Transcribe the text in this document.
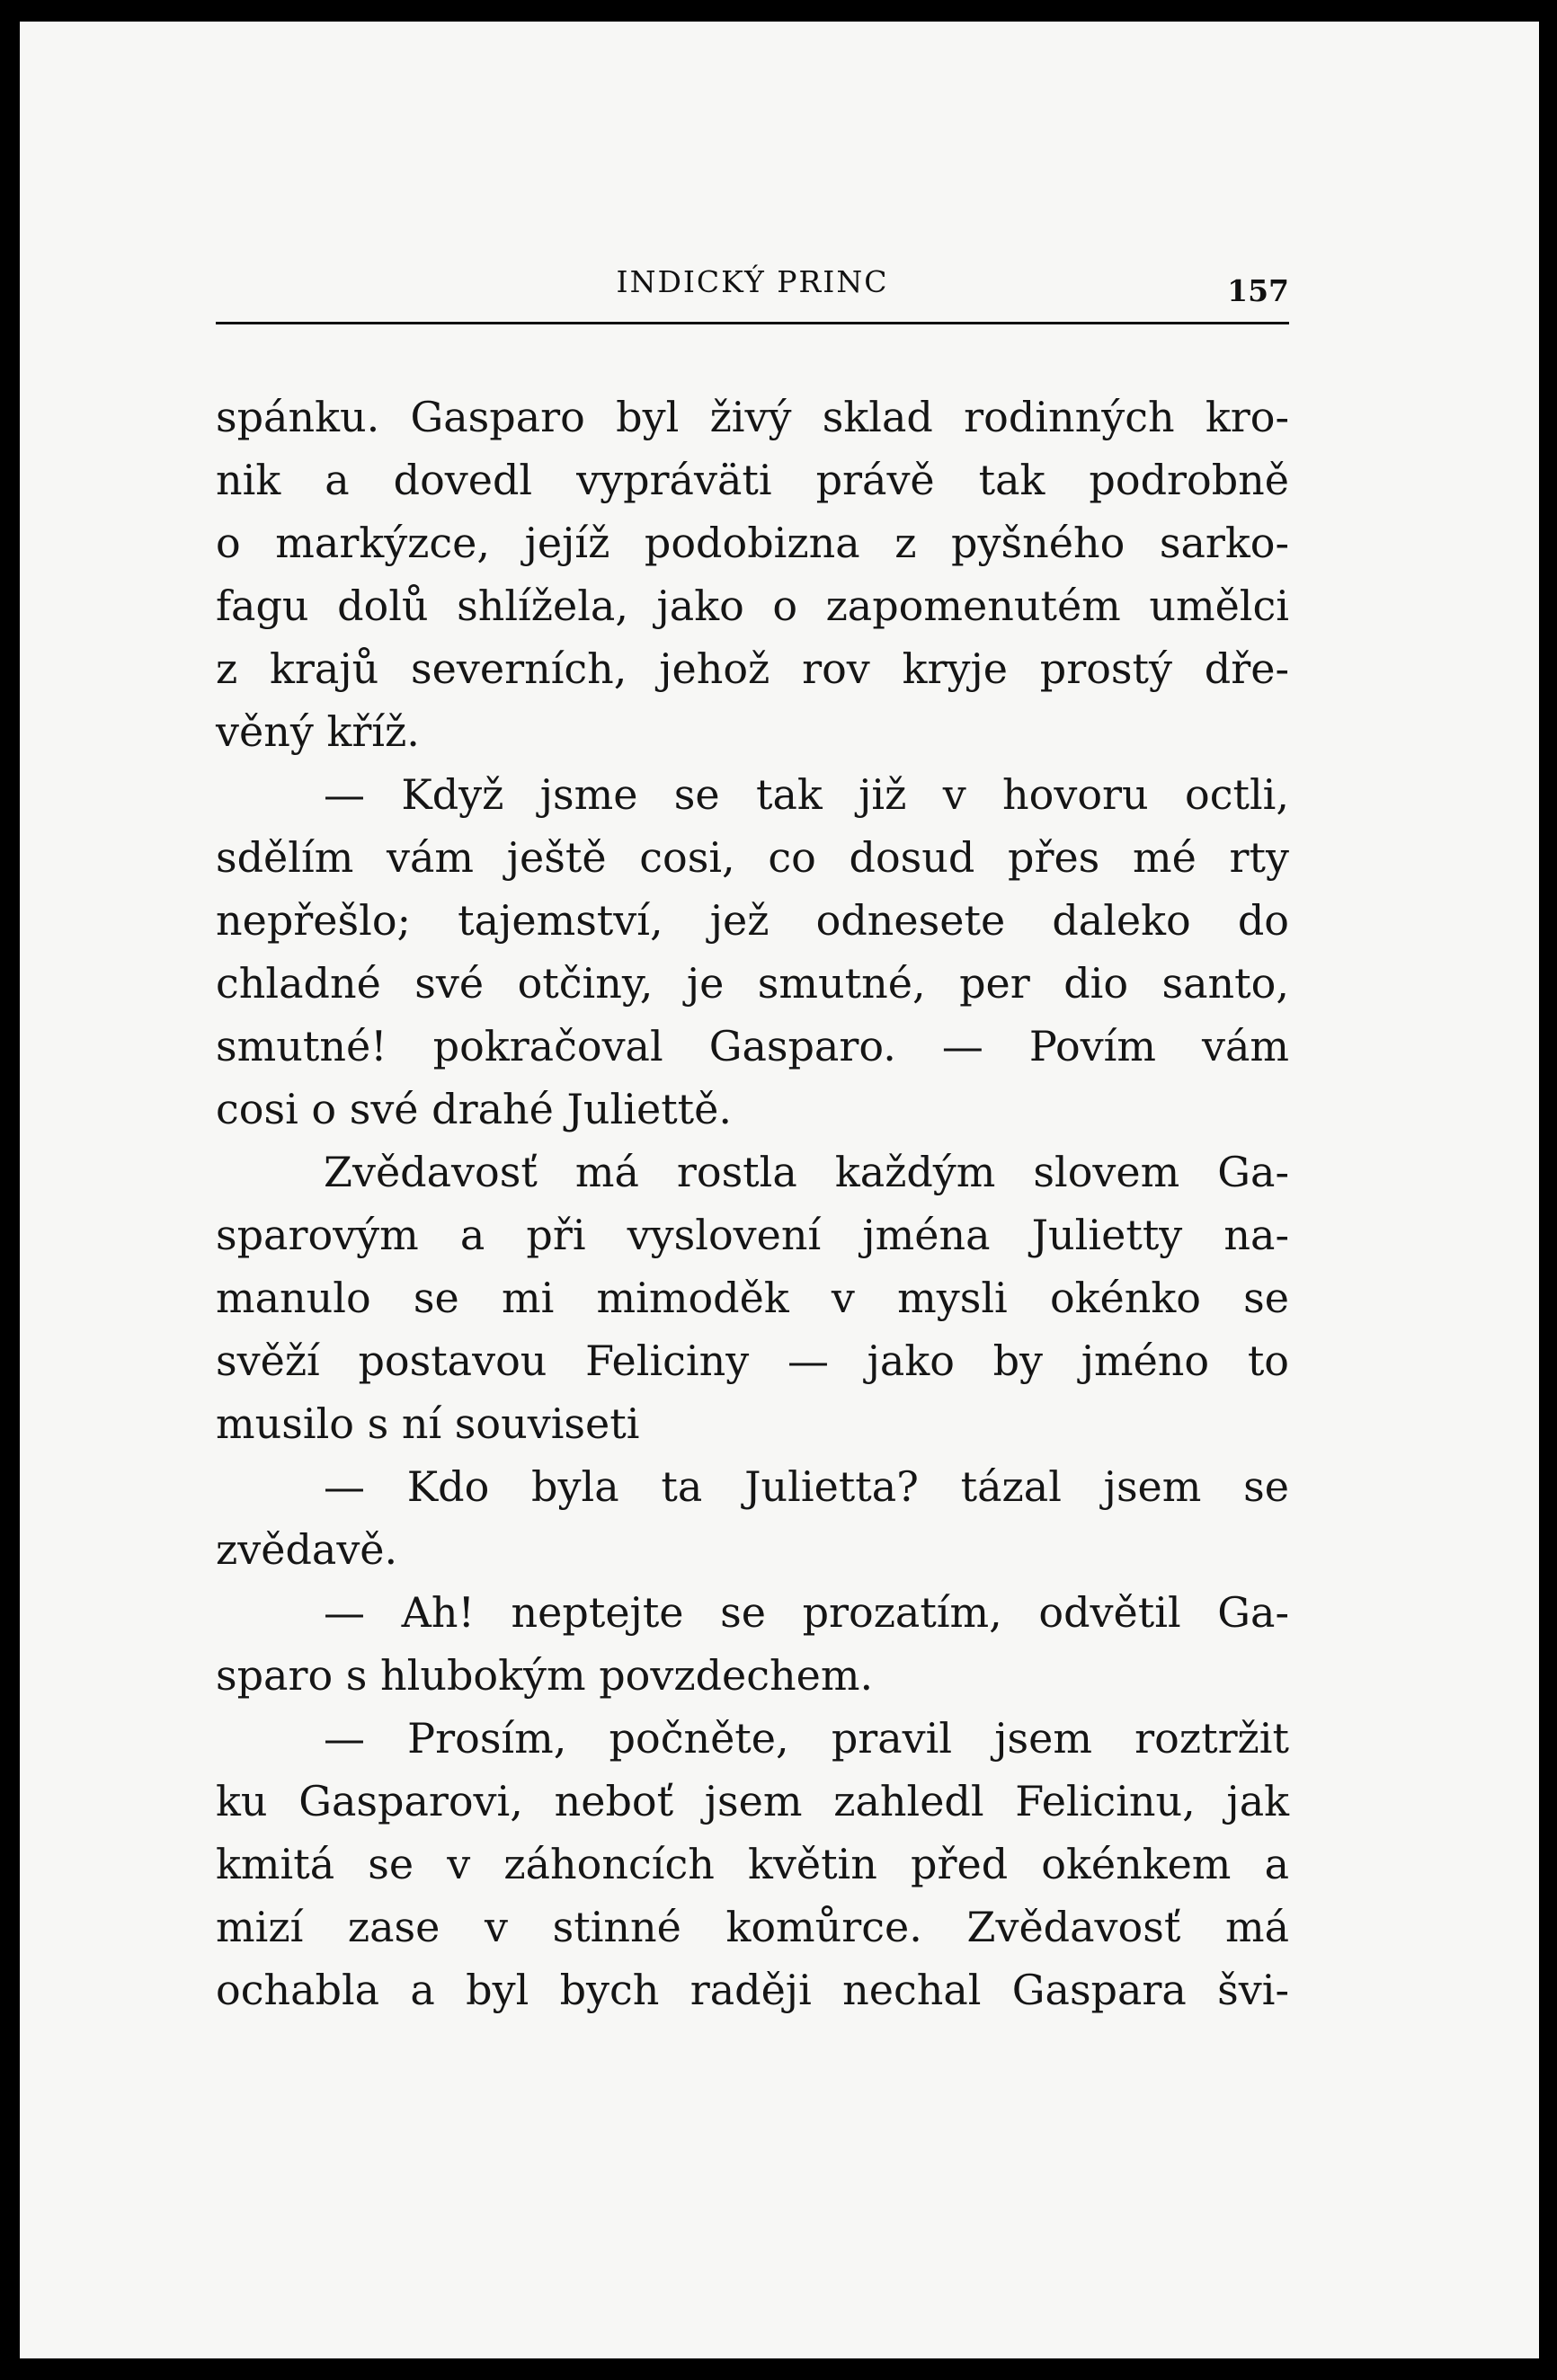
INDICKÝ PRINC	157
spánku. Gasparo byl živý sklad rodinných kro-
nik a dovedl vypráväti právě tak podrobně
o markýzce, jejíž podobizna z pyšného sarko-
fagu dolů shlížela, jako o zapomenutém umělci
z krajů severních, jehož rov kryje prostý dře-
věný kříž.
— Když jsme se tak již v hovoru octli,
sdělím vám ještě cosi, co dosud přes mé rty
nepřešlo; tajemství, jež odnesete daleko do
chladné své otčiny, je smutné, per dio santo,
smutné! pokračoval Gasparo. — Povím vám
cosi o své drahé Juliettě.
Zvědavosť má rostla každým slovem Ga-
sparovým a při vyslovení jména Julietty na-
manulo se mi mimoděk v mysli okénko se
svěží postavou Feliciny — jako by jméno to
musilo s ní souviseti
— Kdo byla ta Julietta? tázal jsem se
zvědavě.
— Ah! neptejte se prozatím, odvětil Ga-
sparo s hlubokým povzdechem.
— Prosím, počněte, pravil jsem roztržit
ku Gasparovi, neboť jsem zahledl Felicinu, jak
kmitá se v záhoncích květin před okénkem a
mizí zase v stinné komůrce. Zvědavosť má
ochabla a byl bych raději nechal Gaspara švi-
